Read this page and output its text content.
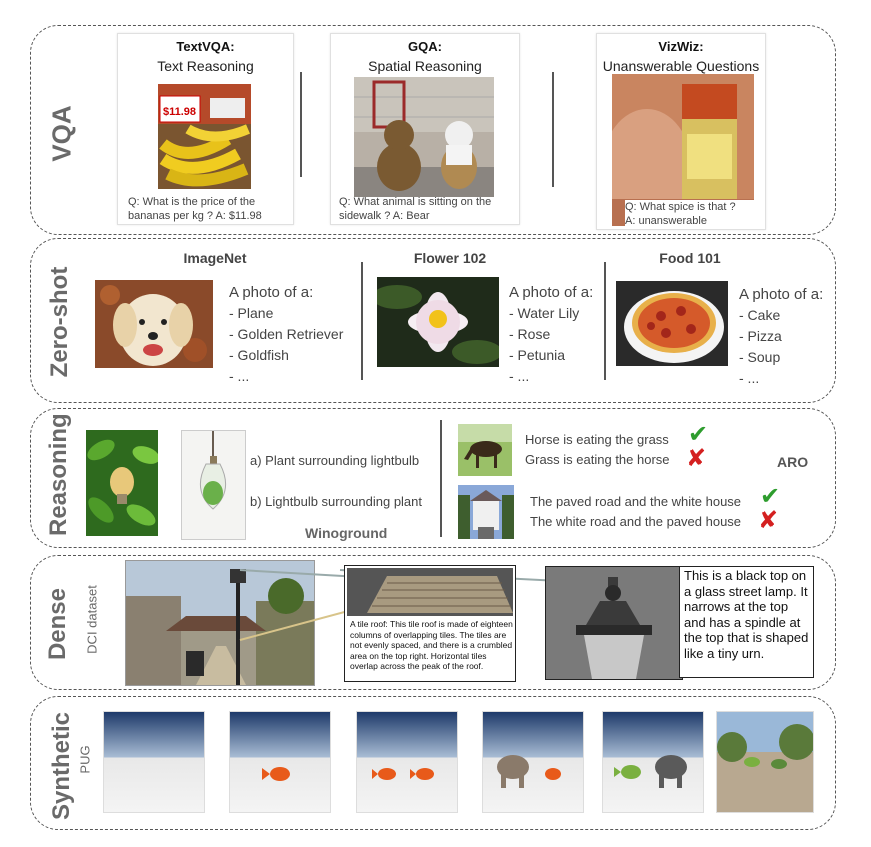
VQA
TextVQA:
Text Reasoning
$11.98
Q: What is the price of the
bananas per kg ? A: $11.98
GQA:
Spatial Reasoning
Q: What animal is sitting on the
sidewalk ? A: Bear
VizWiz:
Unanswerable Questions
Q: What spice is that ?
A: unanswerable
Zero-shot
ImageNet
A photo of a:
- Plane
- Golden Retriever
- Goldfish
- ...
Flower 102
A photo of a:
- Water Lily
- Rose
- Petunia
- ...
Food 101
A photo of a:
- Cake
- Pizza
- Soup
- ...
Reasoning	a) Plant surrounding lightbulb
b) Lightbulb surrounding plant
Winoground
Horse is eating the grass
Grass is eating the horse
✔
✘	ARO
The paved road and the white house
The white road and the paved house
✔
✘
Dense DCI dataset	A tile roof: This tile roof is made of eighteen columns of overlapping tiles. The tiles are not evenly spaced, and there is a crumbled area on the top right. Horizontal tiles overlap across the peak of the roof.
This is a black top on a glass street lamp. It narrows at the top and has a spindle at the top that is shaped like a tiny urn.
Synthetic PUG
